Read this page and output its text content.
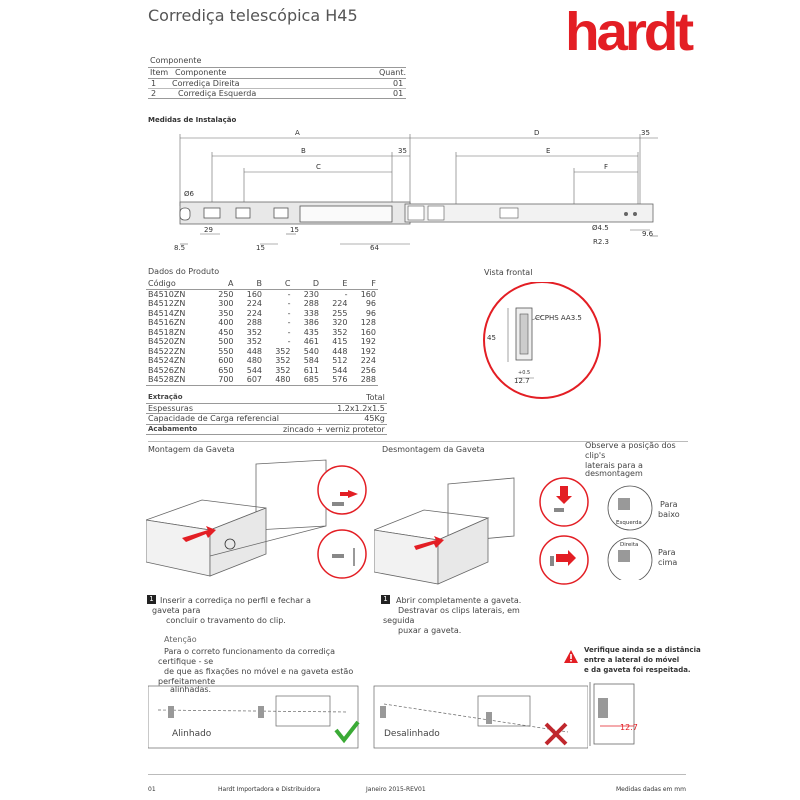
Corrediça telescópica H45	hardt
Componente
Item Componente	Quant.
1 Corrediça Direita	01
2	Corrediça Esquerda	01
Medidas de Instalação
A	D	35
B	35	E
C	F
Ø6
29
8.5	15
15
64
Ø4.5
R2.3
9.6
Dados do Produto
Código	A	B	C	D	E	F
B4510ZN	250	160	-	230	-	160
B4512ZN	300	224	-	288	224	96
B4514ZN	350	224	-	338	255	96
B4516ZN	400	288	-	386	320	128
B4518ZN	450	352	-	435	352	160
B4520ZN	500	352	-	461	415	192
B4522ZN	550	448	352	540	448	192
B4524ZN	600	480	352	584	512	224
B4526ZN	650	544	352	611	544	256
B4528ZN	700	607	480	685	576	288
Extração	Total
Espessuras	1.2x1.2x1.5
Capacidade de Carga referencial	45Kg
Acabamento	zincado + verniz protetor
Vista frontal
CCPHS AA3.5
45
12.7
+0.5
Montagem da Gaveta
1 Inserir a corrediça no perfil e fechar a
gaveta para
concluir o travamento do clip.
Desmontagem da Gaveta
1 Abrir completamente a gaveta.
Destravar os clips laterais, em
seguida
puxar a gaveta.
Observe a posição dos
clip's
laterais para a
desmontagem
Esquerda
Direita
Para
baixo
Para
cima
Atenção
Para o correto funcionamento da corrediça
certifique - se
de que as fixações no móvel e na gaveta estão
perfeitamente
alinhadas.
Alinhado	Desalinhado
Verifique ainda se a distância
entre a lateral do móvel
e da gaveta foi respeitada.
12.7
01	Hardt Importadora e Distribuidora	Janeiro 2015-REV01	Medidas dadas em mm
